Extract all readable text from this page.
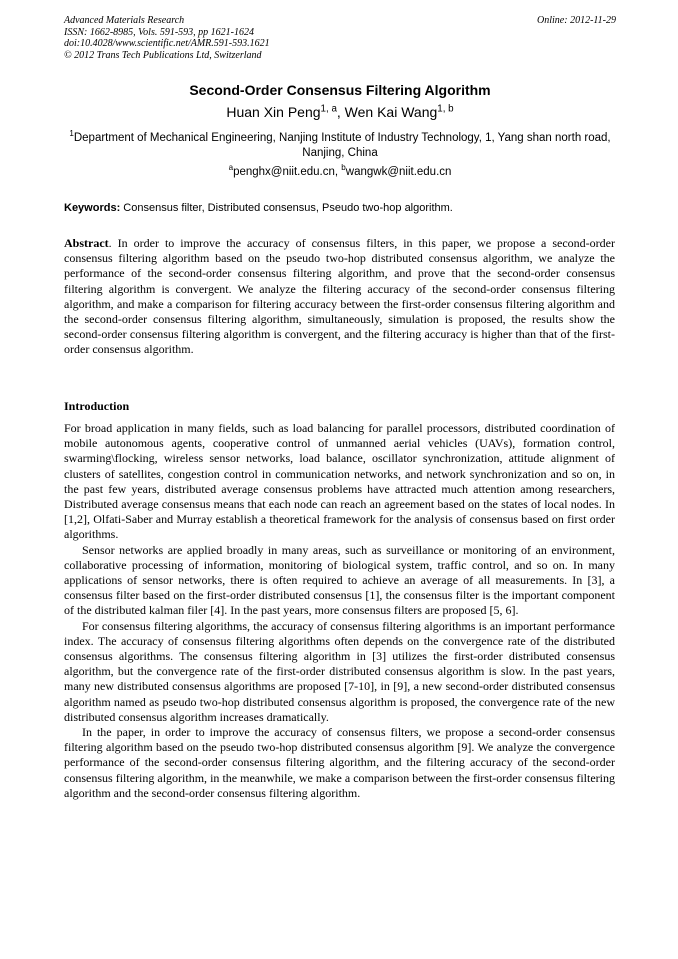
Advanced Materials Research
ISSN: 1662-8985, Vols. 591-593, pp 1621-1624
doi:10.4028/www.scientific.net/AMR.591-593.1621
© 2012 Trans Tech Publications Ltd, Switzerland
Online: 2012-11-29
Second-Order Consensus Filtering Algorithm
Huan Xin Peng$^{1, a}$, Wen Kai Wang$^{1, b}$
$^1$Department of Mechanical Engineering, Nanjing Institute of Industry Technology, 1, Yang shan north road, Nanjing, China
$^a$penghx@niit.edu.cn, $^b$wangwk@niit.edu.cn
Keywords: Consensus filter, Distributed consensus, Pseudo two-hop algorithm.
Abstract. In order to improve the accuracy of consensus filters, in this paper, we propose a second-order consensus filtering algorithm based on the pseudo two-hop distributed consensus algorithm, we analyze the performance of the second-order consensus filtering algorithm, and prove that the second-order consensus filtering algorithm is convergent. We analyze the filtering accuracy of the second-order consensus filtering algorithm, and make a comparison for filtering accuracy between the first-order consensus filtering algorithm and the second-order consensus filtering algorithm, simultaneously, simulation is proposed, the results show the second-order consensus filtering algorithm is convergent, and the filtering accuracy is higher than that of the first-order consensus algorithm.
Introduction

For broad application in many fields, such as load balancing for parallel processors, distributed coordination of mobile autonomous agents, cooperative control of unmanned aerial vehicles (UAVs), formation control, swarming\flocking, wireless sensor networks, load balance, oscillator synchronization, attitude alignment of clusters of satellites, congestion control in communication networks, and network synchronization and so on, in the past few years, distributed average consensus problems have attracted much attention among researchers, Distributed average consensus means that each node can reach an agreement based on the states of local nodes. In [1,2], Olfati-Saber and Murray establish a theoretical framework for the analysis of consensus based on first order algorithms.

Sensor networks are applied broadly in many areas, such as surveillance or monitoring of an environment, collaborative processing of information, monitoring of biological system, traffic control, and so on. In many applications of sensor networks, there is often required to achieve an average of all measurements. In [3], a consensus filter based on the first-order distributed consensus [1], the consensus filter is the important component of the distributed kalman filer [4]. In the past years, more consensus filters are proposed [5, 6].

For consensus filtering algorithms, the accuracy of consensus filtering algorithms is an important performance index. The accuracy of consensus filtering algorithms often depends on the convergence rate of the distributed consensus algorithms. The consensus filtering algorithm in [3] utilizes the first-order distributed consensus algorithm, but the convergence rate of the first-order distributed consensus algorithm is slow. In the past years, many new distributed consensus algorithms are proposed [7-10], in [9], a new second-order distributed consensus algorithm named as pseudo two-hop distributed consensus algorithm is proposed, the convergence rate of the new distributed consensus algorithm increases dramatically.

In the paper, in order to improve the accuracy of consensus filters, we propose a second-order consensus filtering algorithm based on the pseudo two-hop distributed consensus algorithm [9]. We analyze the convergence performance of the second-order consensus filtering algorithm, and the filtering accuracy of the second-order consensus filtering algorithm, in the meanwhile, we make a comparison between the first-order consensus filtering algorithm and the second-order consensus filtering algorithm.
